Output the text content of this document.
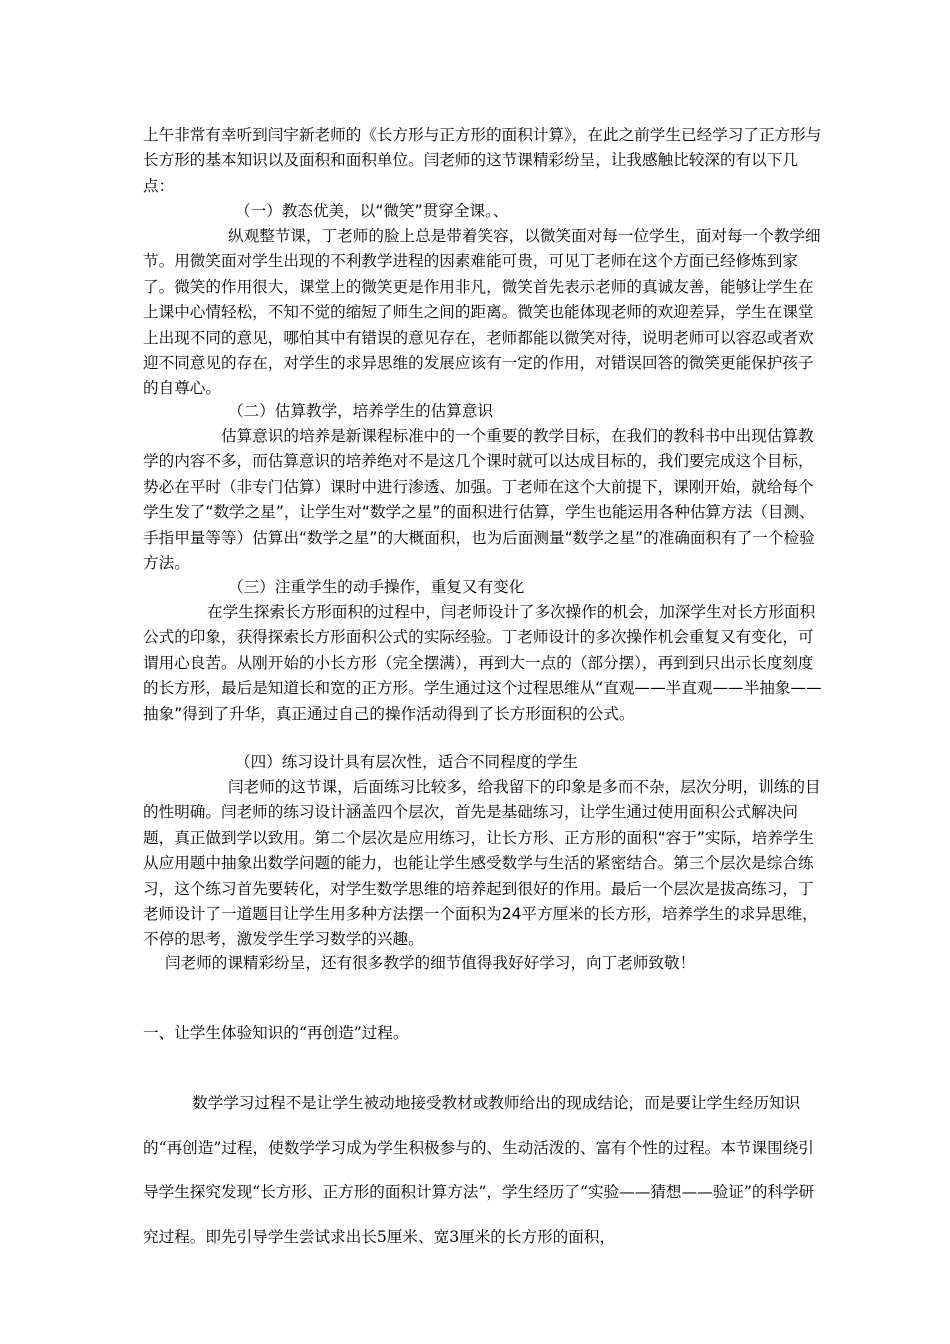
上午非常有幸听到闫宇新老师的《长方形与正方形的面积计算》，在此之前学生已经学习了正方形与长方形的基本知识以及面积和面积单位。闫老师的这节课精彩纷呈，让我感触比较深的有以下几点：

（一）教态优美，以“微笑”贯穿全课。、

纵观整节课，丁老师的脸上总是带着笑容，以微笑面对每一位学生，面对每一个教学细节。用微笑面对学生出现的不利教学进程的因素难能可贵，可见丁老师在这个方面已经修炼到家了。微笑的作用很大，课堂上的微笑更是作用非凡，微笑首先表示老师的真诚友善，能够让学生在上课中心情轻松，不知不觉的缩短了师生之间的距离。微笑也能体现老师的欢迎差异，学生在课堂上出现不同的意见，哪怕其中有错误的意见存在，老师都能以微笑对待，说明老师可以容忍或者欢迎不同意见的存在，对学生的求异思维的发展应该有一定的作用，对错误回答的微笑更能保护孩子的自尊心。

（二）估算教学，培养学生的估算意识

估算意识的培养是新课程标准中的一个重要的教学目标，在我们的教科书中出现估算教学的内容不多，而估算意识的培养绝对不是这几个课时就可以达成目标的，我们要完成这个目标，势必在平时（非专门估算）课时中进行渗透、加强。丁老师在这个大前提下，课刚开始，就给每个学生发了“数学之星”，让学生对“数学之星”的面积进行估算，学生也能运用各种估算方法（目测、手指甲量等等）估算出“数学之星”的大概面积，也为后面测量“数学之星”的准确面积有了一个检验方法。

（三）注重学生的动手操作，重复又有变化

在学生探索长方形面积的过程中，闫老师设计了多次操作的机会，加深学生对长方形面积公式的印象，获得探索长方形面积公式的实际经验。丁老师设计的多次操作机会重复又有变化，可谓用心良苦。从刚开始的小长方形（完全摆满），再到大一点的（部分摆），再到到只出示长度刻度的长方形，最后是知道长和宽的正方形。学生通过这个过程思维从“直观——半直观——半抽象——抽象”得到了升华，真正通过自己的操作活动得到了长方形面积的公式。

（四）练习设计具有层次性，适合不同程度的学生

闫老师的这节课，后面练习比较多，给我留下的印象是多而不杂，层次分明，训练的目的性明确。闫老师的练习设计涵盖四个层次，首先是基础练习，让学生通过使用面积公式解决问题，真正做到学以致用。第二个层次是应用练习，让长方形、正方形的面积“容于”实际，培养学生从应用题中抽象出数学问题的能力，也能让学生感受数学与生活的紧密结合。第三个层次是综合练习，这个练习首先要转化，对学生数学思维的培养起到很好的作用。最后一个层次是拔高练习，丁老师设计了一道题目让学生用多种方法摆一个面积为24平方厘米的长方形，培养学生的求异思维，不停的思考，激发学生学习数学的兴趣。

闫老师的课精彩纷呈，还有很多教学的细节值得我好好学习，向丁老师致敬！

一、让学生体验知识的“再创造”过程。

数学学习过程不是让学生被动地接受教材或教师给出的现成结论，而是要让学生经历知识的“再创造”过程，使数学学习成为学生积极参与的、生动活泼的、富有个性的过程。本节课围绕引导学生探究发现“长方形、正方形的面积计算方法”，学生经历了“实验——猜想——验证”的科学研究过程。即先引导学生尝试求出长5厘米、宽3厘米的长方形的面积，
